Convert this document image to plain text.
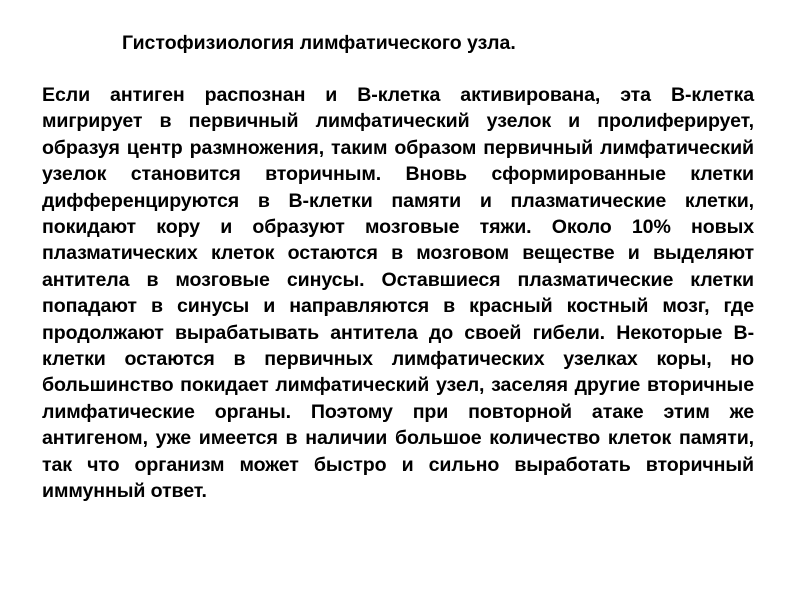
Гистофизиология лимфатического узла.

Если антиген распознан и В-клетка активирована, эта В-клетка мигрирует в первичный лимфатический узелок и пролиферирует, образуя центр размножения, таким образом первичный лимфатический узелок становится вторичным. Вновь сформированные клетки дифференцируются в В-клетки памяти и плазматические клетки, покидают кору и образуют мозговые тяжи. Около 10% новых плазматических клеток остаются в мозговом веществе и выделяют антитела в мозговые синусы. Оставшиеся плазматические клетки попадают в синусы и направляются в красный костный мозг, где продолжают вырабатывать антитела до своей гибели. Некоторые В-клетки остаются в первичных лимфатических узелках коры, но большинство покидает лимфатический узел, заселяя другие вторичные лимфатические органы. Поэтому при повторной атаке этим же антигеном, уже имеется в наличии большое количество клеток памяти, так что организм может быстро и сильно выработать вторичный иммунный ответ.
